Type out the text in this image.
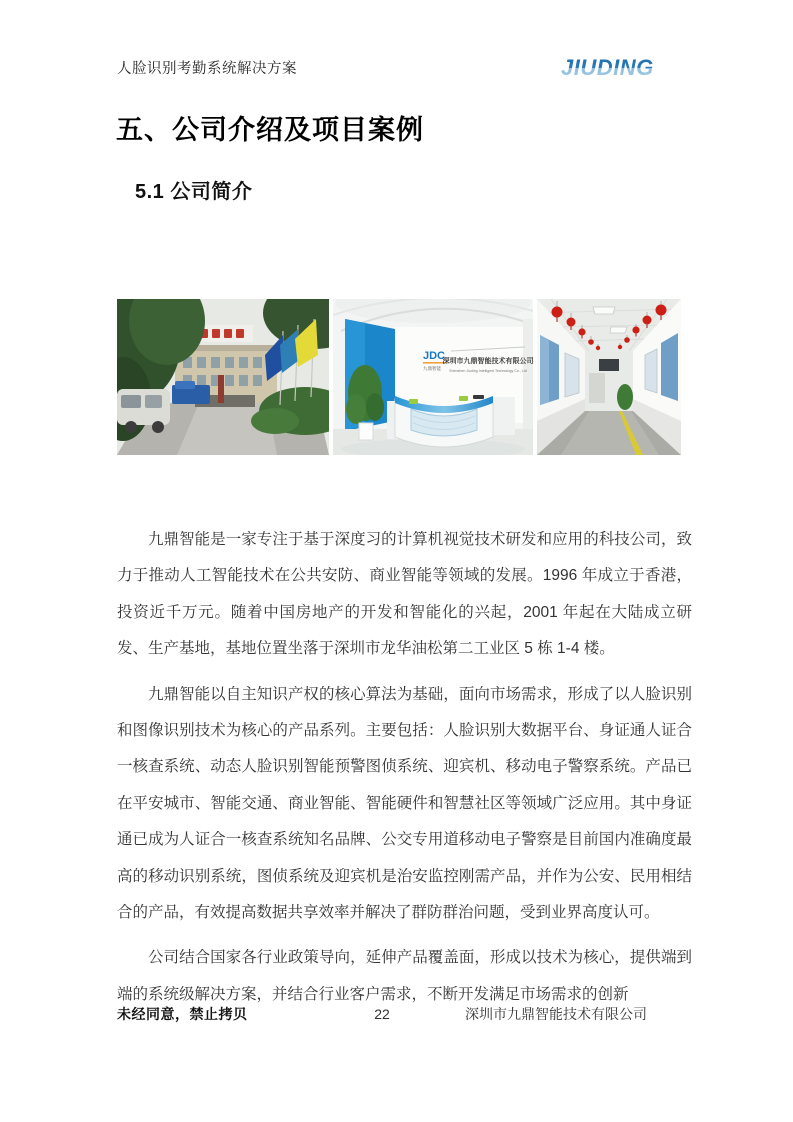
人脸识别考勤系统解决方案	JIUDING
五、公司介绍及项目案例
5.1 公司简介
JDC
九鼎智能
深圳市九鼎智能技术有限公司
Shenzhen Jiuding Intelligent Technology Co., Ltd

九鼎智能是一家专注于基于深度习的计算机视觉技术研发和应用的科技公司，致力于推动人工智能技术在公共安防、商业智能等领域的发展。1996 年成立于香港，投资近千万元。随着中国房地产的开发和智能化的兴起，2001 年起在大陆成立研发、生产基地，基地位置坐落于深圳市龙华油松第二工业区 5 栋 1-4 楼。

九鼎智能以自主知识产权的核心算法为基础，面向市场需求，形成了以人脸识别和图像识别技术为核心的产品系列。主要包括：人脸识别大数据平台、身证通人证合一核查系统、动态人脸识别智能预警图侦系统、迎宾机、移动电子警察系统。产品已在平安城市、智能交通、商业智能、智能硬件和智慧社区等领域广泛应用。其中身证通已成为人证合一核查系统知名品牌、公交专用道移动电子警察是目前国内准确度最高的移动识别系统，图侦系统及迎宾机是治安监控刚需产品，并作为公安、民用相结合的产品，有效提高数据共享效率并解决了群防群治问题，受到业界高度认可。

公司结合国家各行业政策导向，延伸产品覆盖面，形成以技术为核心，提供端到端的系统级解决方案，并结合行业客户需求，不断开发满足市场需求的创新

未经同意，禁止拷贝	22	深圳市九鼎智能技术有限公司
